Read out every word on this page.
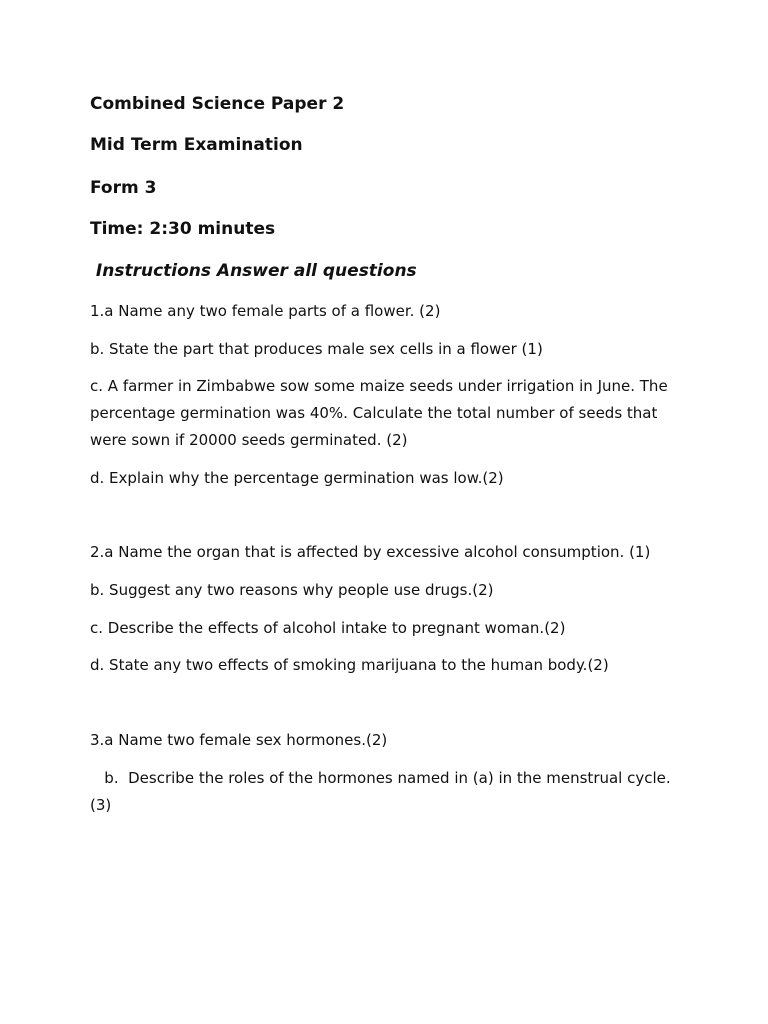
Combined Science Paper 2

Mid Term Examination

Form 3

Time: 2:30 minutes

Instructions Answer all questions

1.a Name any two female parts of a flower. (2)

b. State the part that produces male sex cells in a flower (1)

c. A farmer in Zimbabwe sow some maize seeds under irrigation in June. The

percentage germination was 40%. Calculate the total number of seeds that

were sown if 20000 seeds germinated. (2)

d. Explain why the percentage germination was low.(2)

2.a Name the organ that is affected by excessive alcohol consumption. (1)

b. Suggest any two reasons why people use drugs.(2)

c. Describe the effects of alcohol intake to pregnant woman.(2)

d. State any two effects of smoking marijuana to the human body.(2)

3.a Name two female sex hormones.(2)

b.  Describe the roles of the hormones named in (a) in the menstrual cycle.

(3)
